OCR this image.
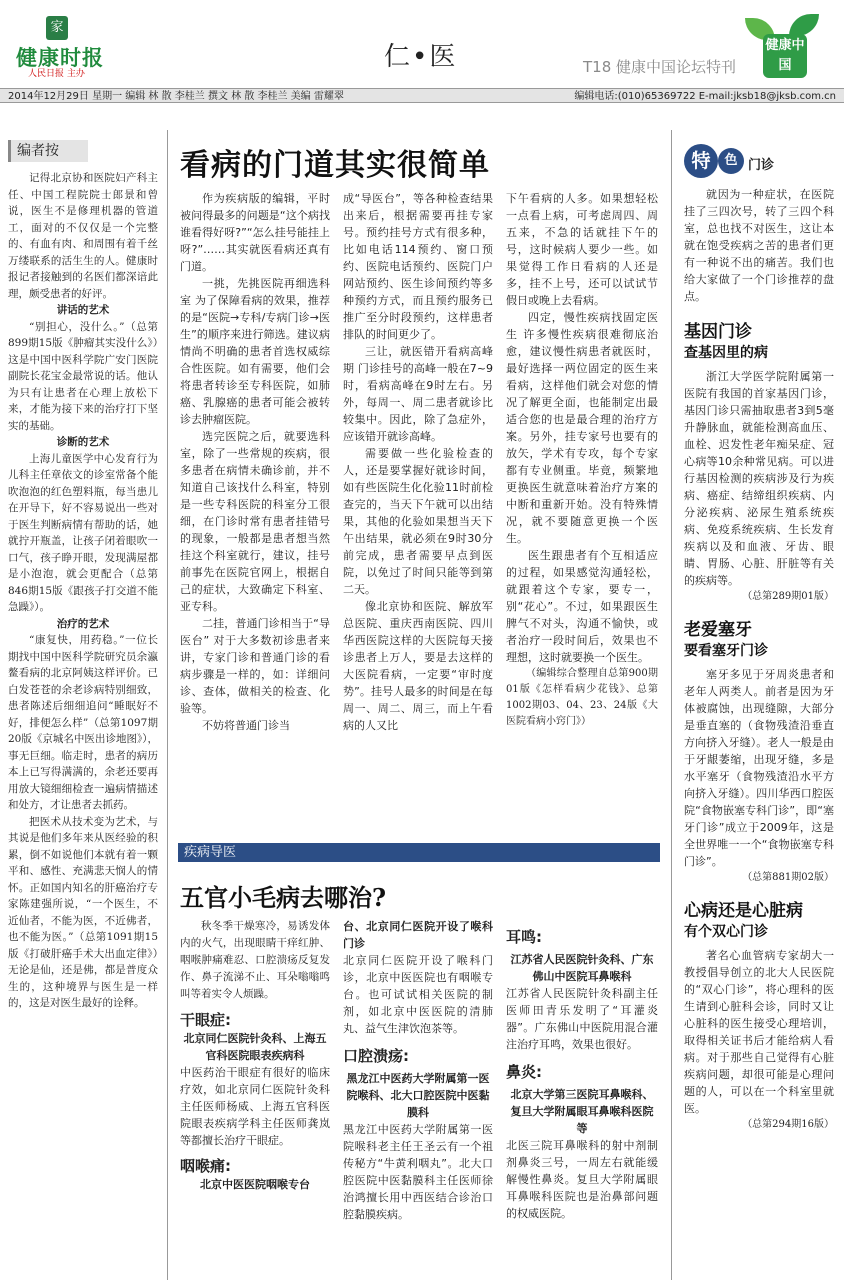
家
健康时报
人民日报 主办
仁•医	T18 健康中国论坛特刊
健康中国
2014年12月29日 星期一 编辑 林 散 李桂兰 撰文 林 散 李桂兰 美编 雷耀翠	编辑电话:(010)65369722 E-mail:jksb18@jksb.com.cn
编者按

记得北京协和医院妇产科主任、中国工程院院士郎景和曾说，医生不是修理机器的管道工，面对的不仅仅是一个完整的、有血有肉、和周围有着千丝万缕联系的活生生的人。健康时报记者接触到的名医们都深谙此理，颇受患者的好评。

讲话的艺术

“别担心，没什么。”（总第899期15版《肿瘤其实没什么》）这是中国中医科学院广安门医院副院长花宝金最常说的话。他认为只有让患者在心理上放松下来，才能为接下来的治疗打下坚实的基础。

诊断的艺术

上海儿童医学中心发育行为儿科主任章依文的诊室常备个能吹泡泡的红色塑料瓶，每当患儿在开导下，好不容易说出一些对于医生判断病情有帮助的话，她就拧开瓶盖，让孩子闭着眼吹一口气，孩子睁开眼，发现满屋都是小泡泡，就会更配合（总第846期15版《跟孩子打交道不能急躁》）。

治疗的艺术

“康复快，用药稳。”一位长期找中国中医科学院研究员余瀛鳌看病的北京阿姨这样评价。已白发苍苍的余老诊病特别细致，患者陈述后细细追问“睡眠好不好，排便怎么样”（总第1097期20版《京城名中医出诊地图》），事无巨细。临走时，患者的病历本上已写得满满的，余老还要再用放大镜细细检查一遍病情描述和处方，才让患者去抓药。

把医术从技术变为艺术，与其说是他们多年来从医经验的积累，倒不如说他们本就有着一颗平和、感性、充满悲天悯人的情怀。正如国内知名的肝癌治疗专家陈建强所说，“一个医生，不近仙者，不能为医，不近佛者，也不能为医。”（总第1091期15版《打破肝癌手术大出血定律》）无论是仙，还是佛，都是普度众生的，这种境界与医生是一样的，这是对医生最好的诠释。

看病的门道其实很简单

作为疾病版的编辑，平时被问得最多的问题是“这个病找谁看得好呀?”“怎么挂号能挂上呀?”……其实就医看病还真有门道。

一挑，先挑医院再细选科室 为了保障看病的效果，推荐的是“医院→专科/专病门诊→医生”的顺序来进行筛选。建议病情尚不明确的患者首选权威综合性医院。如有需要，他们会将患者转诊至专科医院，如肺癌、乳腺癌的患者可能会被转诊去肿瘤医院。

选完医院之后，就要选科室，除了一些常规的疾病，很多患者在病情未确诊前，并不知道自己该找什么科室，特别是一些专科医院的科室分工很细，在门诊时常有患者挂错号的现象，一般都是患者想当然挂这个科室就行，建议，挂号前事先在医院官网上，根据自己的症状，大致确定下科室、亚专科。

二挂，普通门诊相当于“导医台” 对于大多数初诊患者来讲，专家门诊和普通门诊的看病步骤是一样的，如：详细问诊、查体，做相关的检查、化验等。

不妨将普通门诊当

成“导医台”，等各种检查结果出来后，根据需要再挂专家号。预约挂号方式有很多种，比如电话114预约、窗口预约、医院电话预约、医院门户网站预约、医生诊间预约等多种预约方式，而且预约服务已推广至分时段预约，这样患者排队的时间更少了。

三让，就医错开看病高峰期 门诊挂号的高峰一般在7~9时，看病高峰在9时左右。另外，每周一、周二患者就诊比较集中。因此，除了急症外，应该错开就诊高峰。

需要做一些化验检查的人，还是要掌握好就诊时间，如有些医院生化化验11时前检查完的，当天下午就可以出结果，其他的化验如果想当天下午出结果，就必须在9时30分前完成，患者需要早点到医院，以免过了时间只能等到第二天。

像北京协和医院、解放军总医院、重庆西南医院、四川华西医院这样的大医院每天接诊患者上万人，要是去这样的大医院看病，一定要“审时度势”。挂号人最多的时间是在每周一、周二、周三，而上午看病的人又比

下午看病的人多。如果想轻松一点看上病，可考虑周四、周五来，不急的话就挂下午的号，这时候病人要少一些。如果觉得工作日看病的人还是多，挂不上号，还可以试试节假日或晚上去看病。

四定，慢性疾病找固定医生 许多慢性疾病很难彻底治愈，建议慢性病患者就医时，最好选择一两位固定的医生来看病，这样他们就会对您的情况了解更全面，也能制定出最适合您的也是最合理的治疗方案。另外，挂专家号也要有的放矢，学术有专攻，每个专家都有专业侧重。毕竟，频繁地更换医生就意味着治疗方案的中断和重新开始。没有特殊情况，就不要随意更换一个医生。

医生跟患者有个互相适应的过程，如果感觉沟通轻松，就跟着这个专家，要专一，别“花心”。不过，如果跟医生脾气不对头，沟通不愉快，或者治疗一段时间后，效果也不理想，这时就要换一个医生。

（编辑综合整理自总第900期01版《怎样看病少花钱》、总第1002期03、04、23、24版《大医院看病小窍门》）

疾病导医
五官小毛病去哪治?

秋冬季干燥寒冷，易诱发体内的火气，出现眼睛干痒红肿、咽喉肿痛难忍、口腔溃疡反复发作、鼻子流涕不止、耳朵嗡嗡鸣叫等着实令人烦躁。

干眼症:

北京同仁医院针灸科、上海五官科医院眼表疾病科

中医药治干眼症有很好的临床疗效，如北京同仁医院针灸科主任医师杨威、上海五官科医院眼表疾病学科主任医师龚岚等都擅长治疗干眼症。

咽喉痛:

北京中医医院咽喉专台

台、北京同仁医院开设了喉科门诊

北京同仁医院开设了喉科门诊，北京中医医院也有咽喉专台。也可试试相关医院的制剂，如北京中医医院的清肺丸、益气生津饮泡茶等。

口腔溃疡:

黑龙江中医药大学附属第一医院喉科、北大口腔医院中医黏膜科

黑龙江中医药大学附属第一医院喉科老主任王圣云有一个祖传秘方“牛黄利咽丸”。北大口腔医院中医黏膜科主任医师徐治鸿擅长用中西医结合诊治口腔黏膜疾病。

耳鸣:

江苏省人民医院针灸科、广东佛山中医院耳鼻喉科

江苏省人民医院针灸科副主任医师田青乐发明了“耳灌炎器”。广东佛山中医院用混合灌注治疗耳鸣，效果也很好。

鼻炎:

北京大学第三医院耳鼻喉科、复旦大学附属眼耳鼻喉科医院等

北医三院耳鼻喉科的射中剂制剂鼻炎三号，一周左右就能缓解慢性鼻炎。复旦大学附属眼耳鼻喉科医院也是治鼻部问题的权威医院。

特	色 门诊

就因为一种症状，在医院挂了三四次号，转了三四个科室，总也找不对医生，这让本就在饱受疾病之苦的患者们更有一种说不出的痛苦。我们也给大家做了一个门诊推荐的盘点。

基因门诊

查基因里的病

浙江大学医学院附属第一医院有我国的首家基因门诊，基因门诊只需抽取患者3到5毫升静脉血，就能检测高血压、血栓、迟发性老年痴呆症、冠心病等10余种常见病。可以进行基因检测的疾病涉及行为疾病、癌症、结缔组织疾病、内分泌疾病、泌尿生殖系统疾病、免疫系统疾病、生长发育疾病以及和血液、牙齿、眼睛、胃肠、心脏、肝脏等有关的疾病等。

（总第289期01版）

老爱塞牙

要看塞牙门诊

塞牙多见于牙周炎患者和老年人两类人。前者是因为牙体被腐蚀，出现缝隙，大部分是垂直塞的（食物残渣沿垂直方向挤入牙缝）。老人一般是由于牙龈萎缩，出现牙缝，多是水平塞牙（食物残渣沿水平方向挤入牙缝）。四川华西口腔医院“食物嵌塞专科门诊”，即“塞牙门诊”成立于2009年，这是全世界唯一一个“食物嵌塞专科门诊”。

（总第881期02版）

心病还是心脏病

有个双心门诊

著名心血管病专家胡大一教授倡导创立的北大人民医院的“双心门诊”，将心理科的医生请到心脏科会诊，同时又让心脏科的医生接受心理培训，取得相关证书后才能给病人看病。对于那些自己觉得有心脏疾病问题，却很可能是心理问题的人，可以在一个科室里就医。

（总第294期16版）
